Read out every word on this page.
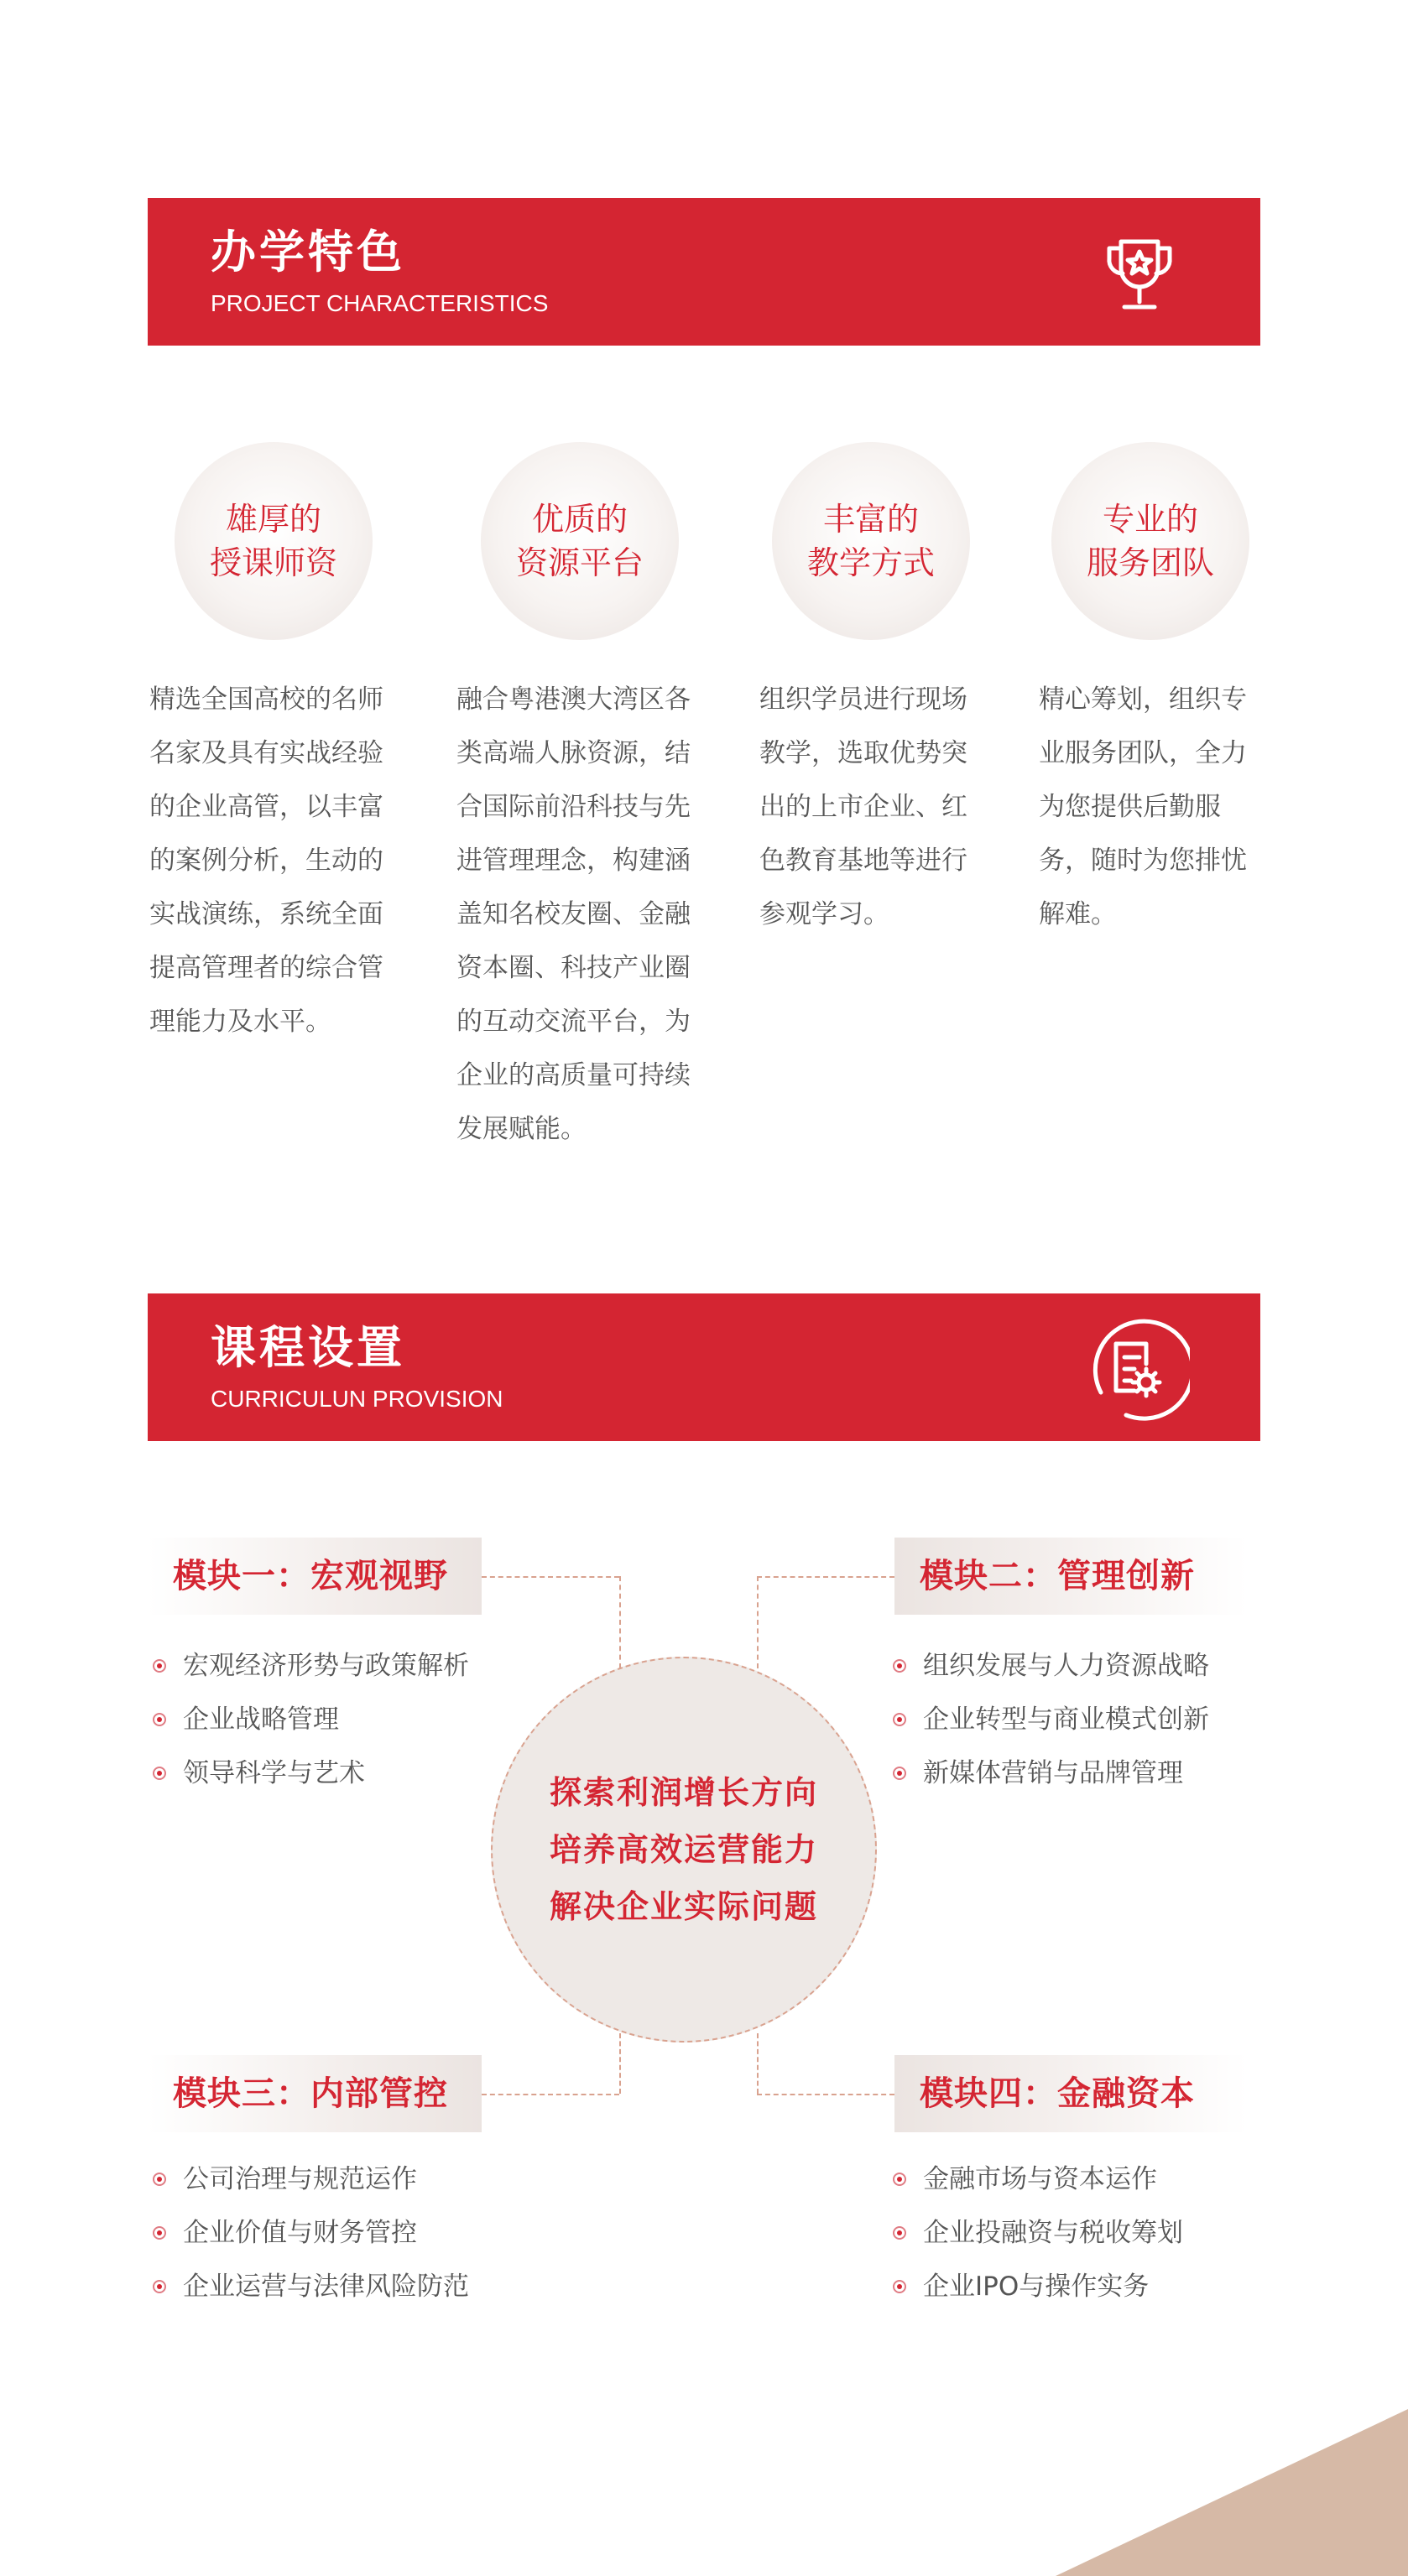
办学特色
PROJECT CHARACTERISTICS
雄厚的
授课师资
优质的
资源平台
丰富的
教学方式
专业的
服务团队
精选全国高校的名师
名家及具有实战经验
的企业高管，以丰富
的案例分析，生动的
实战演练，系统全面
提高管理者的综合管
理能力及水平。
融合粤港澳大湾区各
类高端人脉资源，结
合国际前沿科技与先
进管理理念，构建涵
盖知名校友圈、金融
资本圈、科技产业圈
的互动交流平台，为
企业的高质量可持续
发展赋能。
组织学员进行现场
教学，选取优势突
出的上市企业、红
色教育基地等进行
参观学习。
精心筹划，组织专
业服务团队，全力
为您提供后勤服
务，随时为您排忧
解难。
课程设置
CURRICULUN PROVISION
探索利润增长方向
培养高效运营能力
解决企业实际问题
模块一：宏观视野
宏观经济形势与政策解析
企业战略管理
领导科学与艺术
模块二：管理创新
组织发展与人力资源战略
企业转型与商业模式创新
新媒体营销与品牌管理
模块三：内部管控
公司治理与规范运作
企业价值与财务管控
企业运营与法律风险防范
模块四：金融资本
金融市场与资本运作
企业投融资与税收筹划
企业IPO与操作实务
